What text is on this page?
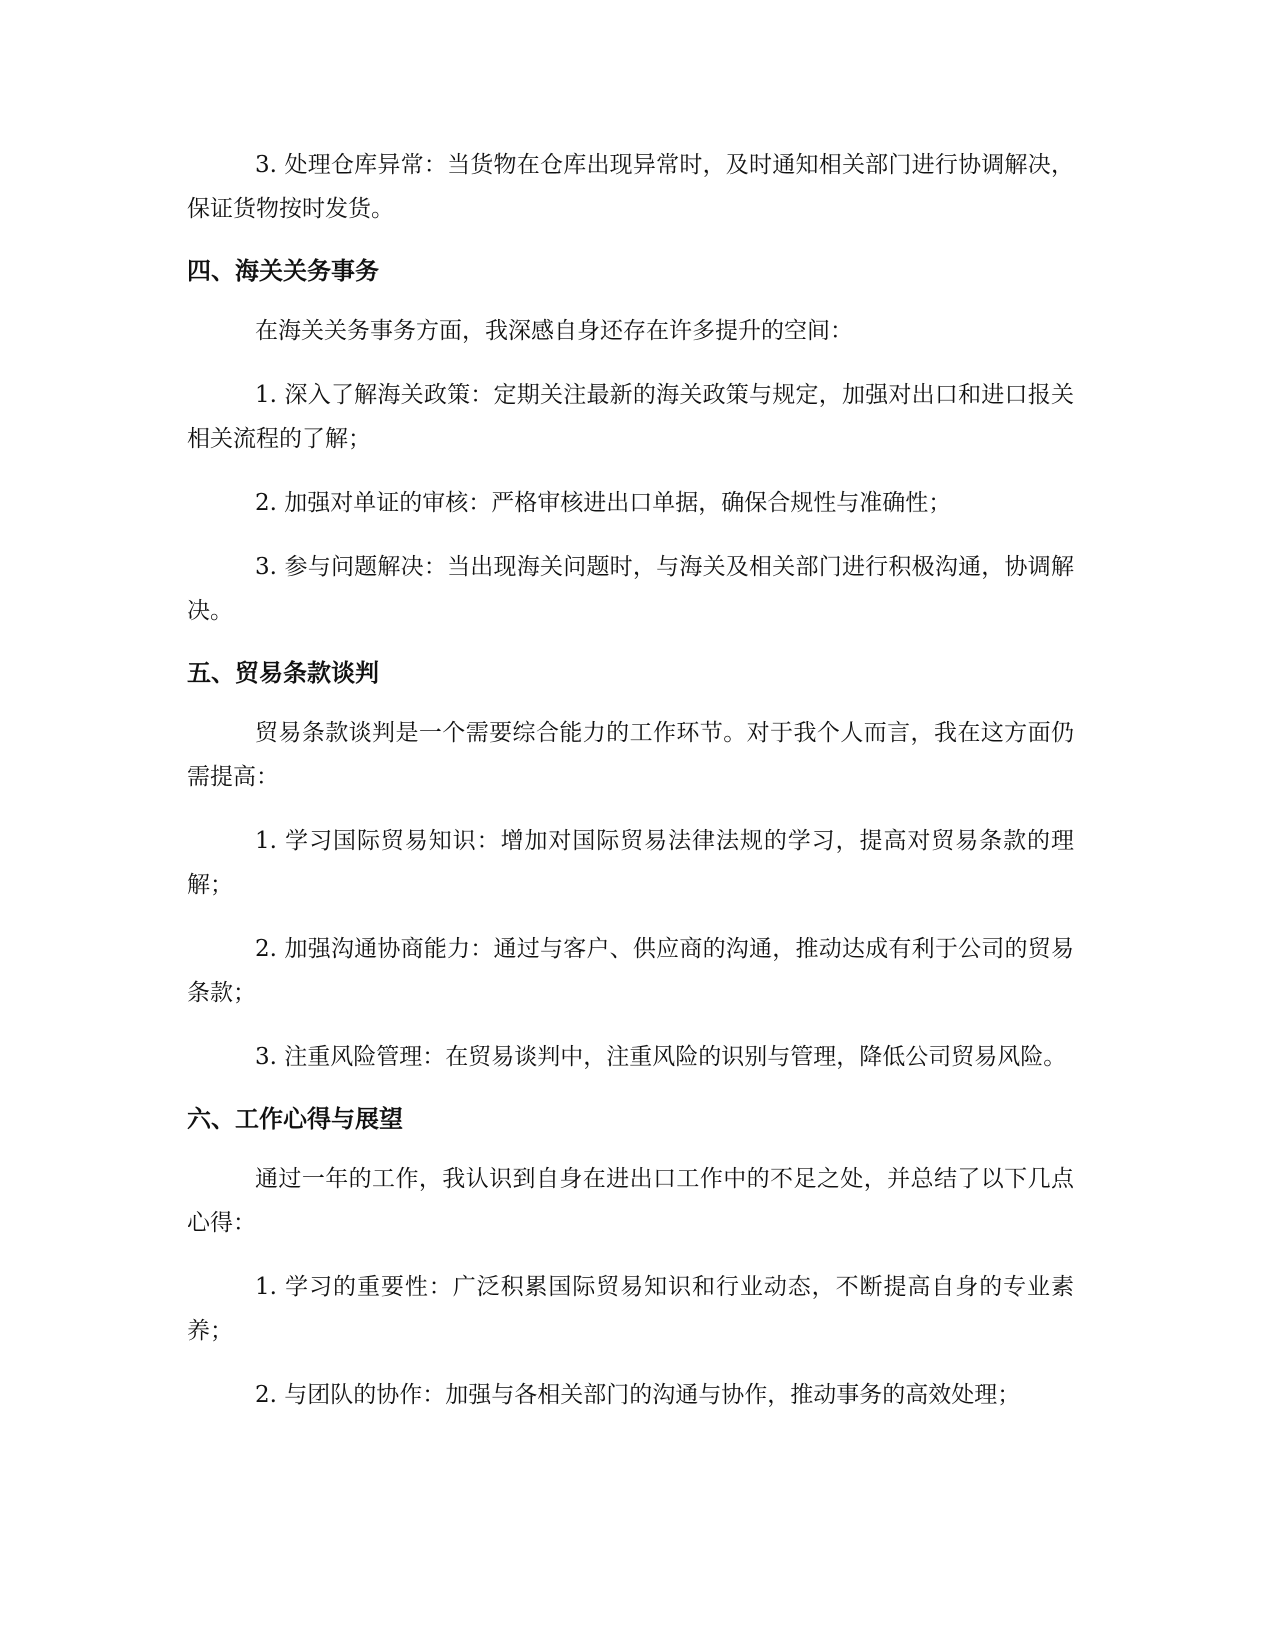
3. 处理仓库异常：当货物在仓库出现异常时，及时通知相关部门进行协调解决，保证货物按时发货。

四、海关关务事务

在海关关务事务方面，我深感自身还存在许多提升的空间：

1. 深入了解海关政策：定期关注最新的海关政策与规定，加强对出口和进口报关相关流程的了解；

2. 加强对单证的审核：严格审核进出口单据，确保合规性与准确性；

3. 参与问题解决：当出现海关问题时，与海关及相关部门进行积极沟通，协调解决。

五、贸易条款谈判

贸易条款谈判是一个需要综合能力的工作环节。对于我个人而言，我在这方面仍需提高：

1. 学习国际贸易知识：增加对国际贸易法律法规的学习，提高对贸易条款的理解；

2. 加强沟通协商能力：通过与客户、供应商的沟通，推动达成有利于公司的贸易条款；

3. 注重风险管理：在贸易谈判中，注重风险的识别与管理，降低公司贸易风险。

六、工作心得与展望

通过一年的工作，我认识到自身在进出口工作中的不足之处，并总结了以下几点心得：

1. 学习的重要性：广泛积累国际贸易知识和行业动态，不断提高自身的专业素养；

2. 与团队的协作：加强与各相关部门的沟通与协作，推动事务的高效处理；
